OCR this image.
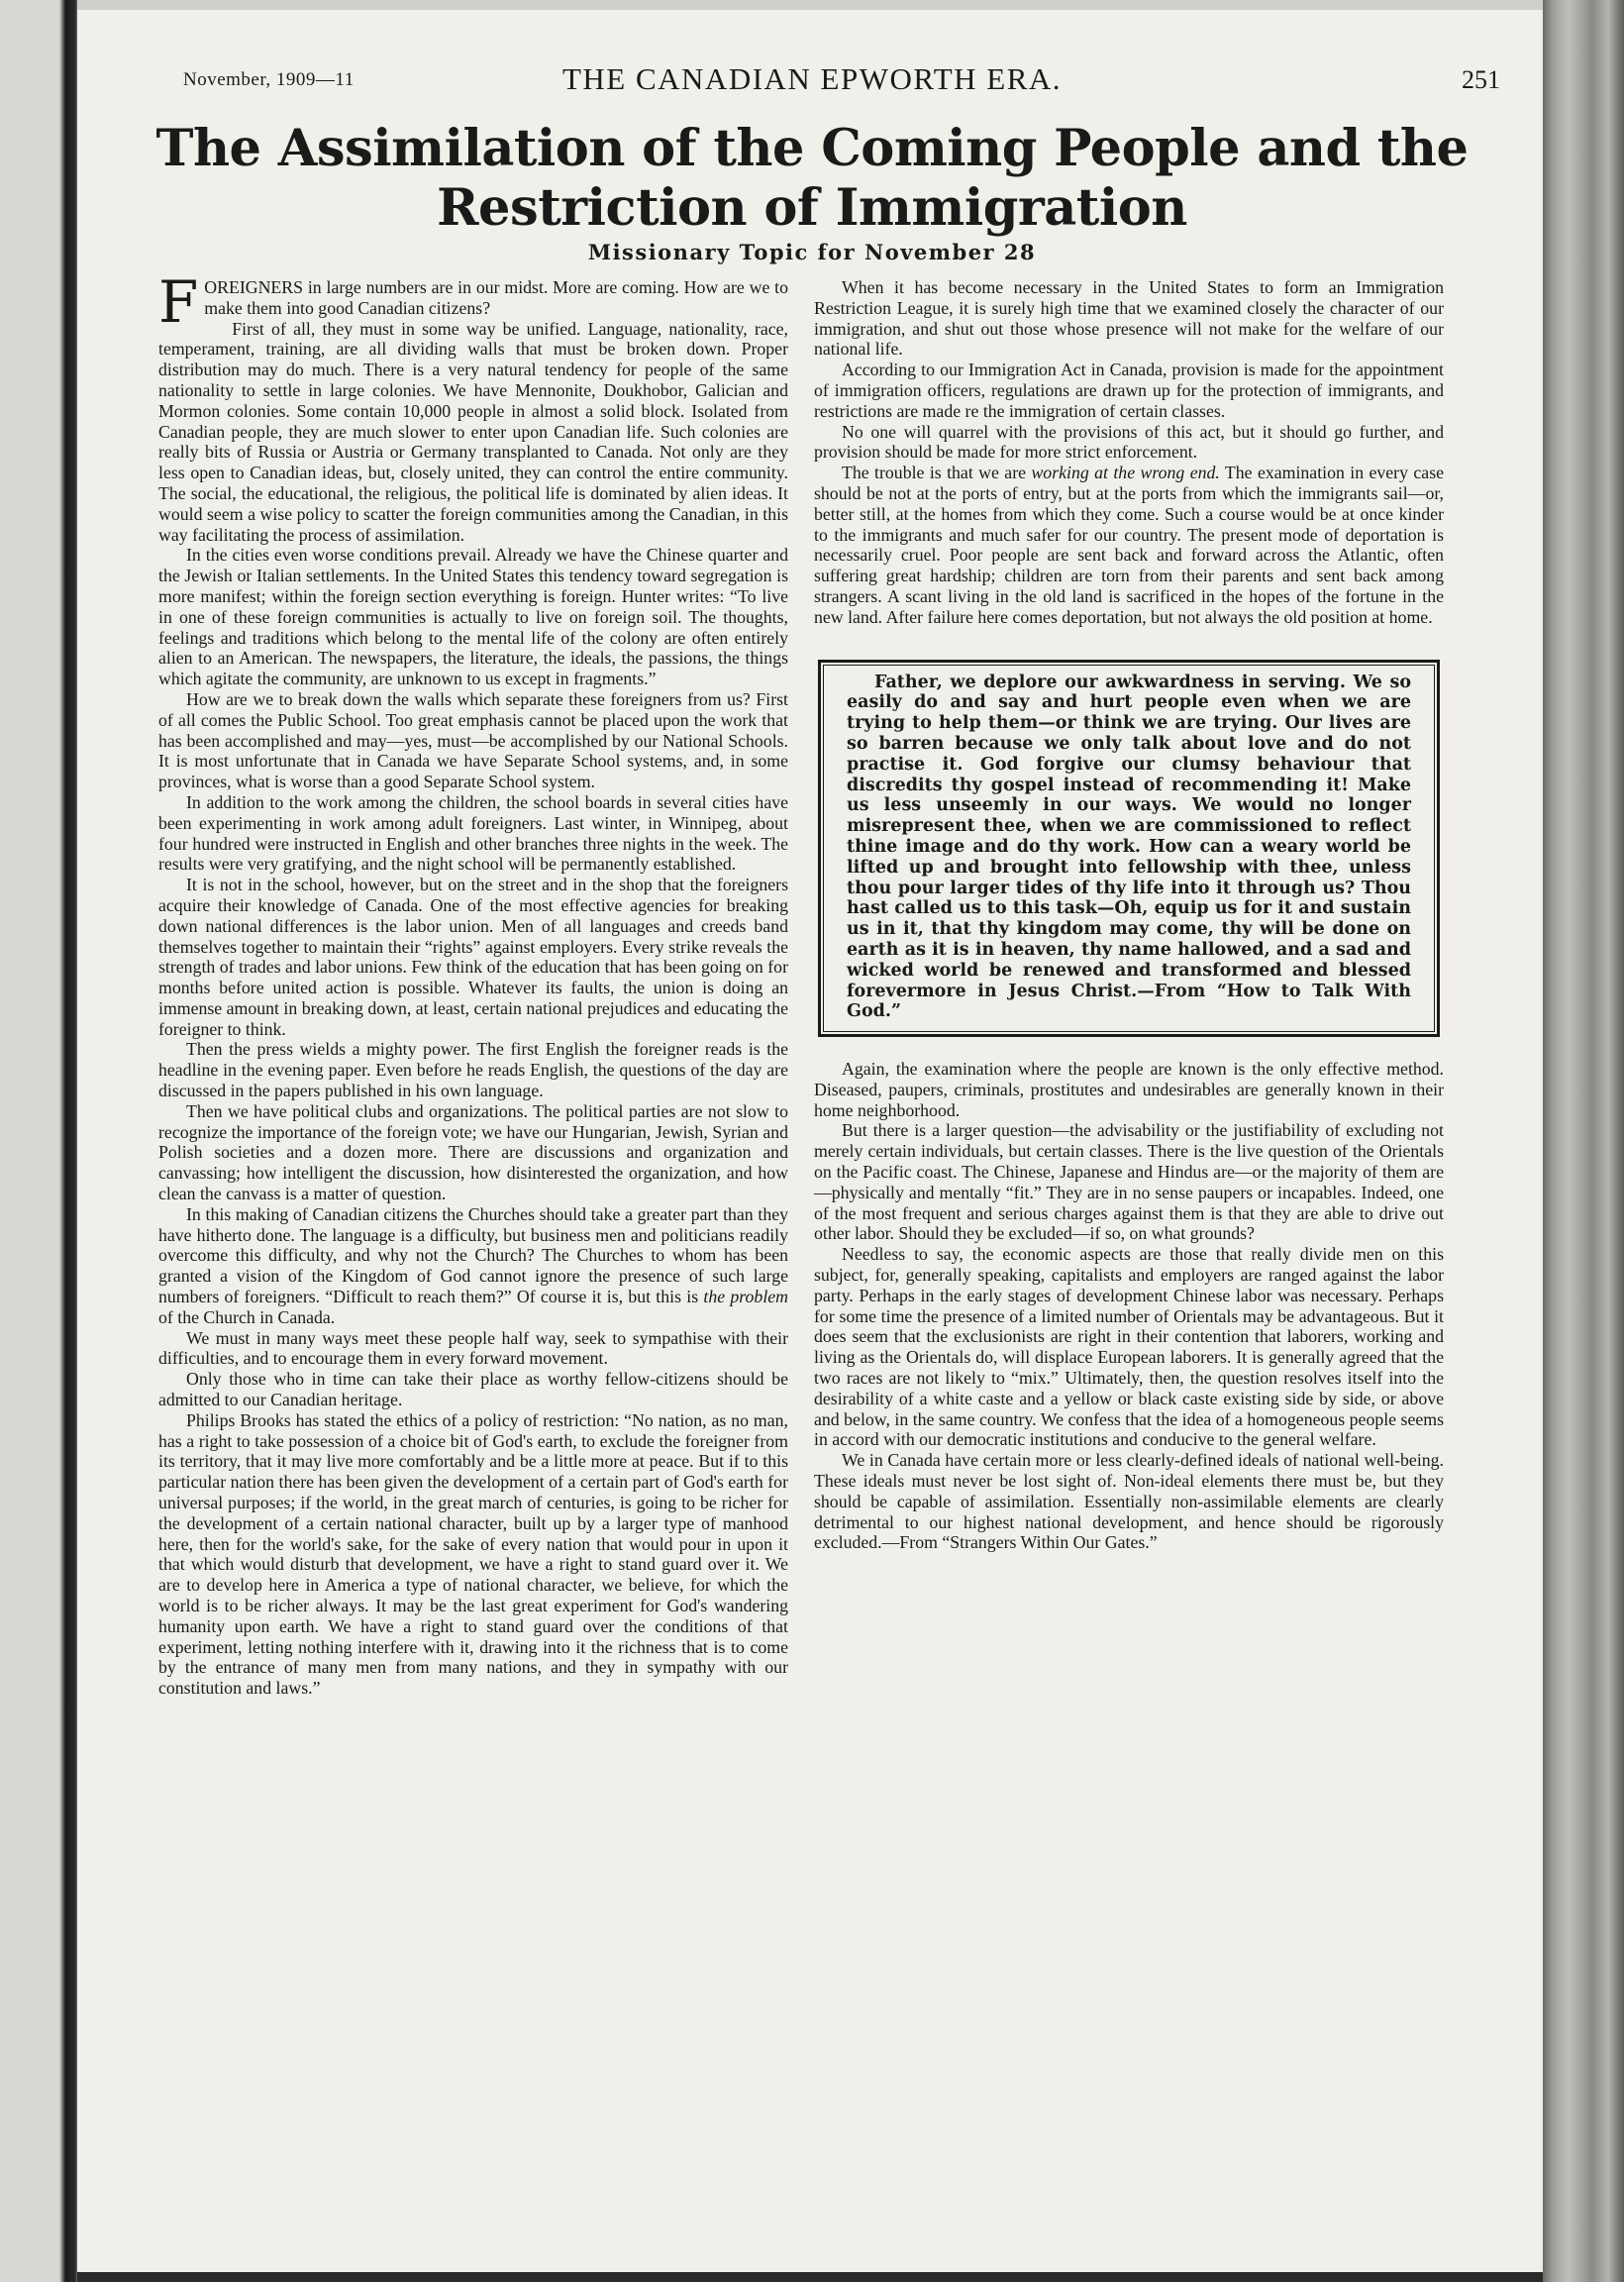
November, 1909—11	THE CANADIAN EPWORTH ERA.	251
The Assimilation of the Coming People and the Restriction of Immigration
Missionary Topic for November 28

FOREIGNERS in large numbers are in our midst. More are coming. How are we to make them into good Canadian citizens?

First of all, they must in some way be unified. Language, nationality, race, temperament, training, are all dividing walls that must be broken down. Proper distribution may do much. There is a very natural tendency for people of the same nationality to settle in large colonies. We have Mennonite, Doukhobor, Galician and Mormon colonies. Some contain 10,000 people in almost a solid block. Isolated from Canadian people, they are much slower to enter upon Canadian life. Such colonies are really bits of Russia or Austria or Germany transplanted to Canada. Not only are they less open to Canadian ideas, but, closely united, they can control the entire community. The social, the educational, the religious, the political life is dominated by alien ideas. It would seem a wise policy to scatter the foreign communities among the Canadian, in this way facilitating the process of assimilation.

In the cities even worse conditions prevail. Already we have the Chinese quarter and the Jewish or Italian settlements. In the United States this tendency toward segregation is more manifest; within the foreign section everything is foreign. Hunter writes: “To live in one of these foreign communities is actually to live on foreign soil. The thoughts, feelings and traditions which belong to the mental life of the colony are often entirely alien to an American. The newspapers, the literature, the ideals, the passions, the things which agitate the community, are unknown to us except in fragments.”

How are we to break down the walls which separate these foreigners from us? First of all comes the Public School. Too great emphasis cannot be placed upon the work that has been accomplished and may—yes, must—be accomplished by our National Schools. It is most unfortunate that in Canada we have Separate School systems, and, in some provinces, what is worse than a good Separate School system.

In addition to the work among the children, the school boards in several cities have been experimenting in work among adult foreigners. Last winter, in Winnipeg, about four hundred were instructed in English and other branches three nights in the week. The results were very gratifying, and the night school will be permanently established.

It is not in the school, however, but on the street and in the shop that the foreigners acquire their knowledge of Canada. One of the most effective agencies for breaking down national differences is the labor union. Men of all languages and creeds band themselves together to maintain their “rights” against employers. Every strike reveals the strength of trades and labor unions. Few think of the education that has been going on for months before united action is possible. Whatever its faults, the union is doing an immense amount in breaking down, at least, certain national prejudices and educating the foreigner to think.

Then the press wields a mighty power. The first English the foreigner reads is the headline in the evening paper. Even before he reads English, the questions of the day are discussed in the papers published in his own language.

Then we have political clubs and organizations. The political parties are not slow to recognize the importance of the foreign vote; we have our Hungarian, Jewish, Syrian and Polish societies and a dozen more. There are discussions and organization and canvassing; how intelligent the discussion, how disinterested the organization, and how clean the canvass is a matter of question.

In this making of Canadian citizens the Churches should take a greater part than they have hitherto done. The language is a difficulty, but business men and politicians readily overcome this difficulty, and why not the Church? The Churches to whom has been granted a vision of the Kingdom of God cannot ignore the presence of such large numbers of foreigners. “Difficult to reach them?” Of course it is, but this is the problem of the Church in Canada.

We must in many ways meet these people half way, seek to sympathise with their difficulties, and to encourage them in every forward movement.

Only those who in time can take their place as worthy fellow-citizens should be admitted to our Canadian heritage.

Philips Brooks has stated the ethics of a policy of restriction: “No nation, as no man, has a right to take possession of a choice bit of God's earth, to exclude the foreigner from its territory, that it may live more comfortably and be a little more at peace. But if to this particular nation there has been given the development of a certain part of God's earth for universal purposes; if the world, in the great march of centuries, is going to be richer for the development of a certain national character, built up by a larger type of manhood here, then for the world's sake, for the sake of every nation that would pour in upon it that which would disturb that development, we have a right to stand guard over it. We are to develop here in America a type of national character, we believe, for which the world is to be richer always. It may be the last great experiment for God's wandering humanity upon earth. We have a right to stand guard over the conditions of that experiment, letting nothing interfere with it, drawing into it the richness that is to come by the entrance of many men from many nations, and they in sympathy with our constitution and laws.”

When it has become necessary in the United States to form an Immigration Restriction League, it is surely high time that we examined closely the character of our immigration, and shut out those whose presence will not make for the welfare of our national life.

According to our Immigration Act in Canada, provision is made for the appointment of immigration officers, regulations are drawn up for the protection of immigrants, and restrictions are made re the immigration of certain classes.

No one will quarrel with the provisions of this act, but it should go further, and provision should be made for more strict enforcement.

The trouble is that we are working at the wrong end. The examination in every case should be not at the ports of entry, but at the ports from which the immigrants sail—or, better still, at the homes from which they come. Such a course would be at once kinder to the immigrants and much safer for our country. The present mode of deportation is necessarily cruel. Poor people are sent back and forward across the Atlantic, often suffering great hardship; children are torn from their parents and sent back among strangers. A scant living in the old land is sacrificed in the hopes of the fortune in the new land. After failure here comes deportation, but not always the old position at home.

Father, we deplore our awkwardness in serving. We so easily do and say and hurt people even when we are trying to help them—or think we are trying. Our lives are so barren because we only talk about love and do not practise it. God forgive our clumsy behaviour that discredits thy gospel instead of recommending it! Make us less unseemly in our ways. We would no longer misrepresent thee, when we are commissioned to reflect thine image and do thy work. How can a weary world be lifted up and brought into fellowship with thee, unless thou pour larger tides of thy life into it through us? Thou hast called us to this task—Oh, equip us for it and sustain us in it, that thy kingdom may come, thy will be done on earth as it is in heaven, thy name hallowed, and a sad and wicked world be renewed and transformed and blessed forevermore in Jesus Christ.—From “How to Talk With God.”

Again, the examination where the people are known is the only effective method. Diseased, paupers, criminals, prostitutes and undesirables are generally known in their home neighborhood.

But there is a larger question—the advisability or the justifiability of excluding not merely certain individuals, but certain classes. There is the live question of the Orientals on the Pacific coast. The Chinese, Japanese and Hindus are—or the majority of them are—physically and mentally “fit.” They are in no sense paupers or incapables. Indeed, one of the most frequent and serious charges against them is that they are able to drive out other labor. Should they be excluded—if so, on what grounds?

Needless to say, the economic aspects are those that really divide men on this subject, for, generally speaking, capitalists and employers are ranged against the labor party. Perhaps in the early stages of development Chinese labor was necessary. Perhaps for some time the presence of a limited number of Orientals may be advantageous. But it does seem that the exclusionists are right in their contention that laborers, working and living as the Orientals do, will displace European laborers. It is generally agreed that the two races are not likely to “mix.” Ultimately, then, the question resolves itself into the desirability of a white caste and a yellow or black caste existing side by side, or above and below, in the same country. We confess that the idea of a homogeneous people seems in accord with our democratic institutions and conducive to the general welfare.

We in Canada have certain more or less clearly-defined ideals of national well-being. These ideals must never be lost sight of. Non-ideal elements there must be, but they should be capable of assimilation. Essentially non-assimilable elements are clearly detrimental to our highest national development, and hence should be rigorously excluded.—From “Strangers Within Our Gates.”
